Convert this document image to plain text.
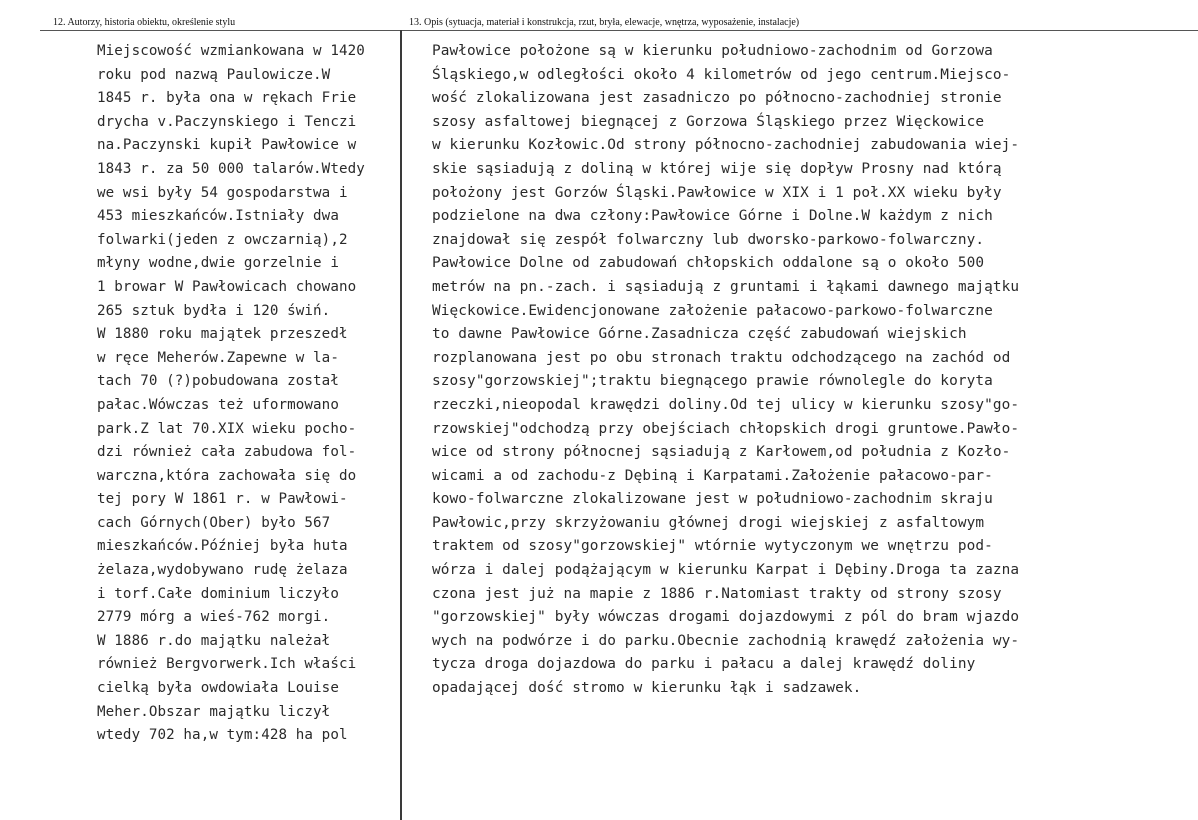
12. Autorzy, historia obiektu, określenie stylu	13. Opis (sytuacja, materiał i konstrukcja, rzut, bryła, elewacje, wnętrza, wyposażenie, instalacje)
Miejscowość wzmiankowana w 1420
roku pod nazwą Paulowicze.W
1845 r. była ona w rękach Frie
drycha v.Paczynskiego i Tenczi
na.Paczynski kupił Pawłowice w
1843 r. za 50 000 talarów.Wtedy
we wsi były 54 gospodarstwa i
453 mieszkańców.Istniały dwa
folwarki(jeden z owczarnią),2
młyny wodne,dwie gorzelnie i
1 browar W Pawłowicach chowano
265 sztuk bydła i 120 świń.
W 1880 roku majątek przeszedł
w ręce Meherów.Zapewne w la-
tach 70 (?)pobudowana został
pałac.Wówczas też uformowano
park.Z lat 70.XIX wieku pocho-
dzi również cała zabudowa fol-
warczna,która zachowała się do
tej pory W 1861 r. w Pawłowi-
cach Górnych(Ober) było 567
mieszkańców.Później była huta
żelaza,wydobywano rudę żelaza
i torf.Całe dominium liczyło
2779 mórg a wieś-762 morgi.
W 1886 r.do majątku należał
również Bergvorwerk.Ich właści
cielką była owdowiała Louise
Meher.Obszar majątku liczył
wtedy 702 ha,w tym:428 ha pol
Pawłowice położone są w kierunku południowo-zachodnim od Gorzowa
Śląskiego,w odległości około 4 kilometrów od jego centrum.Miejsco-
wość zlokalizowana jest zasadniczo po północno-zachodniej stronie
szosy asfaltowej biegnącej z Gorzowa Śląskiego przez Więckowice
w kierunku Kozłowic.Od strony północno-zachodniej zabudowania wiej-
skie sąsiadują z doliną w której wije się dopływ Prosny nad którą
położony jest Gorzów Śląski.Pawłowice w XIX i 1 poł.XX wieku były
podzielone na dwa człony:Pawłowice Górne i Dolne.W każdym z nich
znajdował się zespół folwarczny lub dworsko-parkowo-folwarczny.
Pawłowice Dolne od zabudowań chłopskich oddalone są o około 500
metrów na pn.-zach. i sąsiadują z gruntami i łąkami dawnego majątku
Więckowice.Ewidencjonowane założenie pałacowo-parkowo-folwarczne
to dawne Pawłowice Górne.Zasadnicza część zabudowań wiejskich
rozplanowana jest po obu stronach traktu odchodzącego na zachód od
szosy"gorzowskiej";traktu biegnącego prawie równolegle do koryta
rzeczki,nieopodal krawędzi doliny.Od tej ulicy w kierunku szosy"go-
rzowskiej"odchodzą przy obejściach chłopskich drogi gruntowe.Pawło-
wice od strony północnej sąsiadują z Karłowem,od południa z Kozło-
wicami a od zachodu-z Dębiną i Karpatami.Założenie pałacowo-par-
kowo-folwarczne zlokalizowane jest w południowo-zachodnim skraju
Pawłowic,przy skrzyżowaniu głównej drogi wiejskiej z asfaltowym
traktem od szosy"gorzowskiej" wtórnie wytyczonym we wnętrzu pod-
wórza i dalej podążającym w kierunku Karpat i Dębiny.Droga ta zazna
czona jest już na mapie z 1886 r.Natomiast trakty od strony szosy
"gorzowskiej" były wówczas drogami dojazdowymi z pól do bram wjazdo
wych na podwórze i do parku.Obecnie zachodnią krawędź założenia wy-
tycza droga dojazdowa do parku i pałacu a dalej krawędź doliny
opadającej dość stromo w kierunku łąk i sadzawek.
